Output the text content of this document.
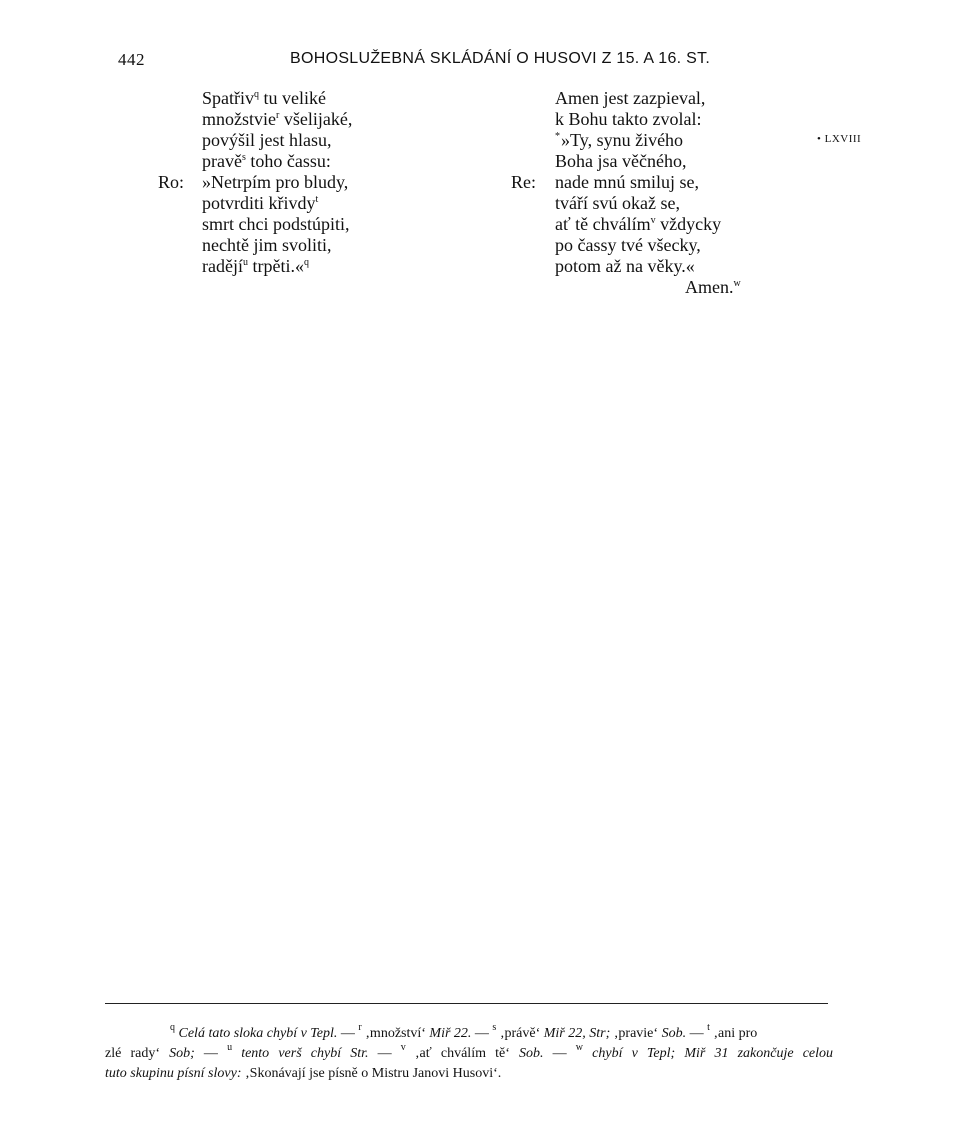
442	BOHOSLUŽEBNÁ SKLÁDÁNÍ O HUSOVI Z 15. A 16. ST.
Spatřiv$^q$ tu veliké
množstvie$^r$ všelijaké,
povýšil jest hlasu,
pravě$^s$ toho čassu:
Ro: »Netrpím pro bludy,
potvrditi křivdy$^t$
smrt chci podstúpiti,
nechtě jim svoliti,
radějí$^u$ trpěti.«$^q$
Amen jest zazpieval,
k Bohu takto zvolal:
*»Ty, synu živého
Boha jsa věčného,
Re: nade mnú smiluj se,
tváří svú okaž se,
ať tě chválím$^v$ vždycky
po čassy tvé všecky,
potom až na věky.«
Amen.$^w$
• LXVIII
$^q$ Celá tato sloka chybí v Tepl. — $^r$ ‚množství‘ Miř 22. — $^s$ ‚právě‘ Miř 22, Str; ‚pravie‘ Sob. — $^t$ ‚ani pro
zlé rady‘ Sob; — $^u$ tento verš chybí Str. — $^v$ ‚ať chválím tě‘ Sob. — $^w$ chybí v Tepl; Miř 31 zakončuje celou
tuto skupinu písní slovy: ‚Skonávají jse písně o Mistru Janovi Husovi‘.
